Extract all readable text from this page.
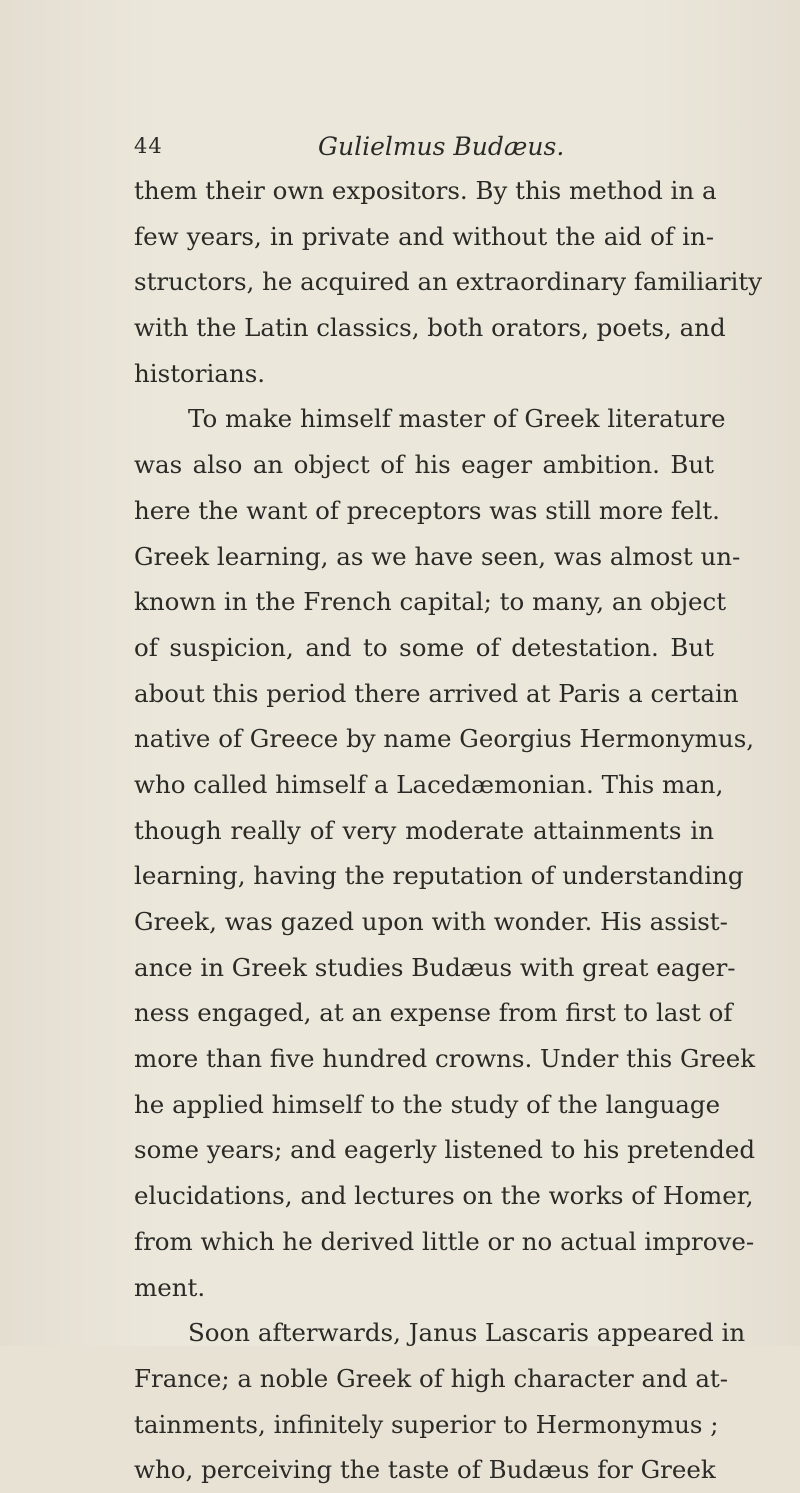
44	Gulielmus Budæus.
them their own expositors. By this method in a
few years, in private and without the aid of in-
structors, he acquired an extraordinary familiarity
with the Latin classics, both orators, poets, and
historians.
To make himself master of Greek literature
was also an object of his eager ambition. But
here the want of preceptors was still more felt.
Greek learning, as we have seen, was almost un-
known in the French capital; to many, an object
of suspicion, and to some of detestation. But
about this period there arrived at Paris a certain
native of Greece by name Georgius Hermonymus,
who called himself a Lacedæmonian. This man,
though really of very moderate attainments in
learning, having the reputation of understanding
Greek, was gazed upon with wonder. His assist-
ance in Greek studies Budæus with great eager-
ness engaged, at an expense from first to last of
more than five hundred crowns. Under this Greek
he applied himself to the study of the language
some years; and eagerly listened to his pretended
elucidations, and lectures on the works of Homer,
from which he derived little or no actual improve-
ment.
Soon afterwards, Janus Lascaris appeared in
France; a noble Greek of high character and at-
tainments, infinitely superior to Hermonymus ;
who, perceiving the taste of Budæus for Greek
